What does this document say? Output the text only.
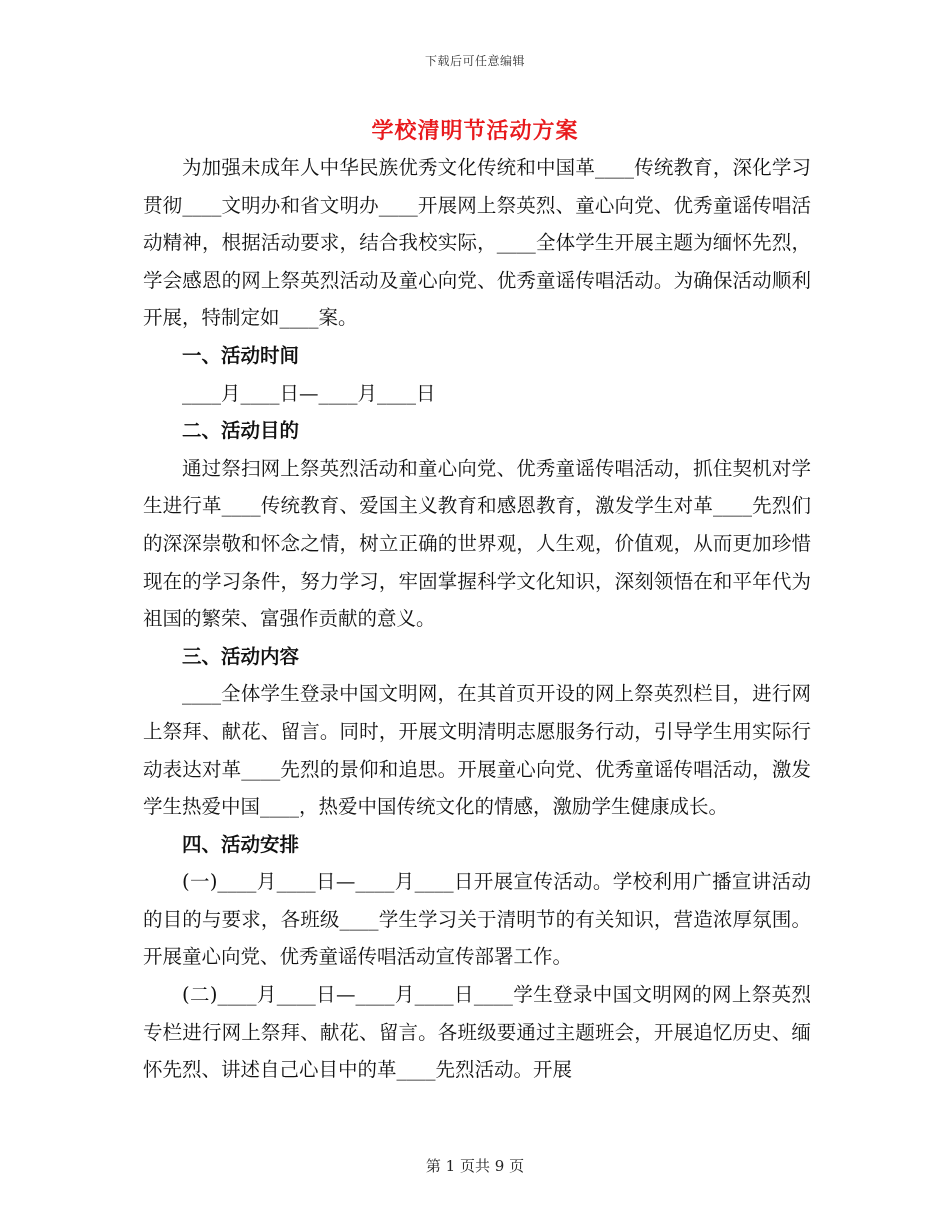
下载后可任意编辑
学校清明节活动方案

为加强未成年人中华民族优秀文化传统和中国革____传统教育，深化学习贯彻____文明办和省文明办____开展网上祭英烈、童心向党、优秀童谣传唱活动精神，根据活动要求，结合我校实际，____全体学生开展主题为缅怀先烈，学会感恩的网上祭英烈活动及童心向党、优秀童谣传唱活动。为确保活动顺利开展，特制定如____案。

一、活动时间

____月____日—____月____日

二、活动目的

通过祭扫网上祭英烈活动和童心向党、优秀童谣传唱活动，抓住契机对学生进行革____传统教育、爱国主义教育和感恩教育，激发学生对革____先烈们的深深崇敬和怀念之情，树立正确的世界观，人生观，价值观，从而更加珍惜现在的学习条件，努力学习，牢固掌握科学文化知识，深刻领悟在和平年代为祖国的繁荣、富强作贡献的意义。

三、活动内容

____全体学生登录中国文明网，在其首页开设的网上祭英烈栏目，进行网上祭拜、献花、留言。同时，开展文明清明志愿服务行动，引导学生用实际行动表达对革____先烈的景仰和追思。开展童心向党、优秀童谣传唱活动，激发学生热爱中国____，热爱中国传统文化的情感，激励学生健康成长。

四、活动安排

(一)____月____日—____月____日开展宣传活动。学校利用广播宣讲活动的目的与要求，各班级____学生学习关于清明节的有关知识，营造浓厚氛围。开展童心向党、优秀童谣传唱活动宣传部署工作。

(二)____月____日—____月____日____学生登录中国文明网的网上祭英烈专栏进行网上祭拜、献花、留言。各班级要通过主题班会，开展追忆历史、缅怀先烈、讲述自己心目中的革____先烈活动。开展

第 1 页共 9 页
